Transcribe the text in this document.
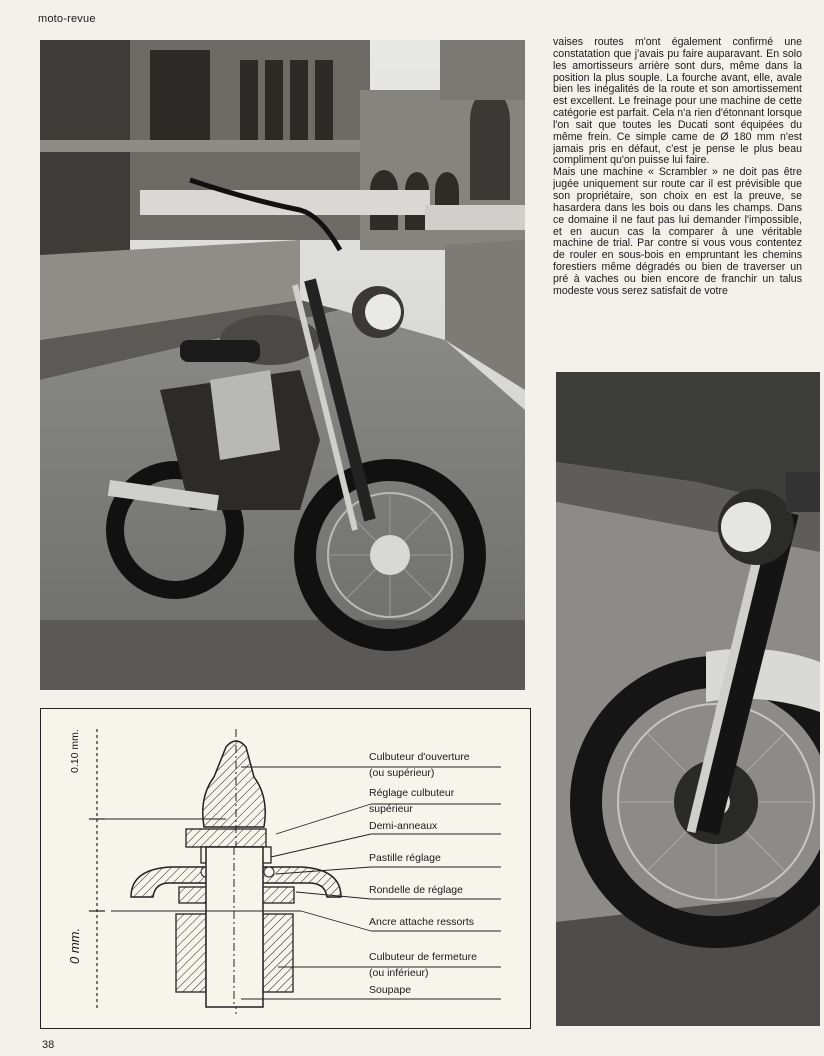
moto-revue

vaises routes m'ont également confirmé une constatation que j'avais pu faire auparavant. En solo les amortisseurs arrière sont durs, même dans la position la plus souple. La fourche avant, elle, avale bien les inégalités de la route et son amortissement est excellent. Le freinage pour une machine de cette catégorie est parfait. Cela n'a rien d'étonnant lorsque l'on sait que toutes les Ducati sont équipées du même frein. Ce simple came de Ø 180 mm n'est jamais pris en défaut, c'est je pense le plus beau compliment qu'on puisse lui faire.

Mais une machine « Scrambler » ne doit pas être jugée uniquement sur route car il est prévisible que son propriétaire, son choix en est la preuve, se hasardera dans les bois ou dans les champs. Dans ce domaine il ne faut pas lui demander l'impossible, et en aucun cas la comparer à une véritable machine de trial. Par contre si vous vous contentez de rouler en sous-bois en empruntant les chemins forestiers même dégradés ou bien de traverser un pré à vaches ou bien encore de franchir un talus modeste vous serez satisfait de votre

0.10 mm.
0 mm.
Culbuteur d'ouverture
(ou supérieur)
Réglage culbuteur
supérieur
Demi-anneaux
Pastille réglage
Rondelle de réglage
Ancre attache ressorts
Culbuteur de fermeture
(ou inférieur)
Soupape
38
